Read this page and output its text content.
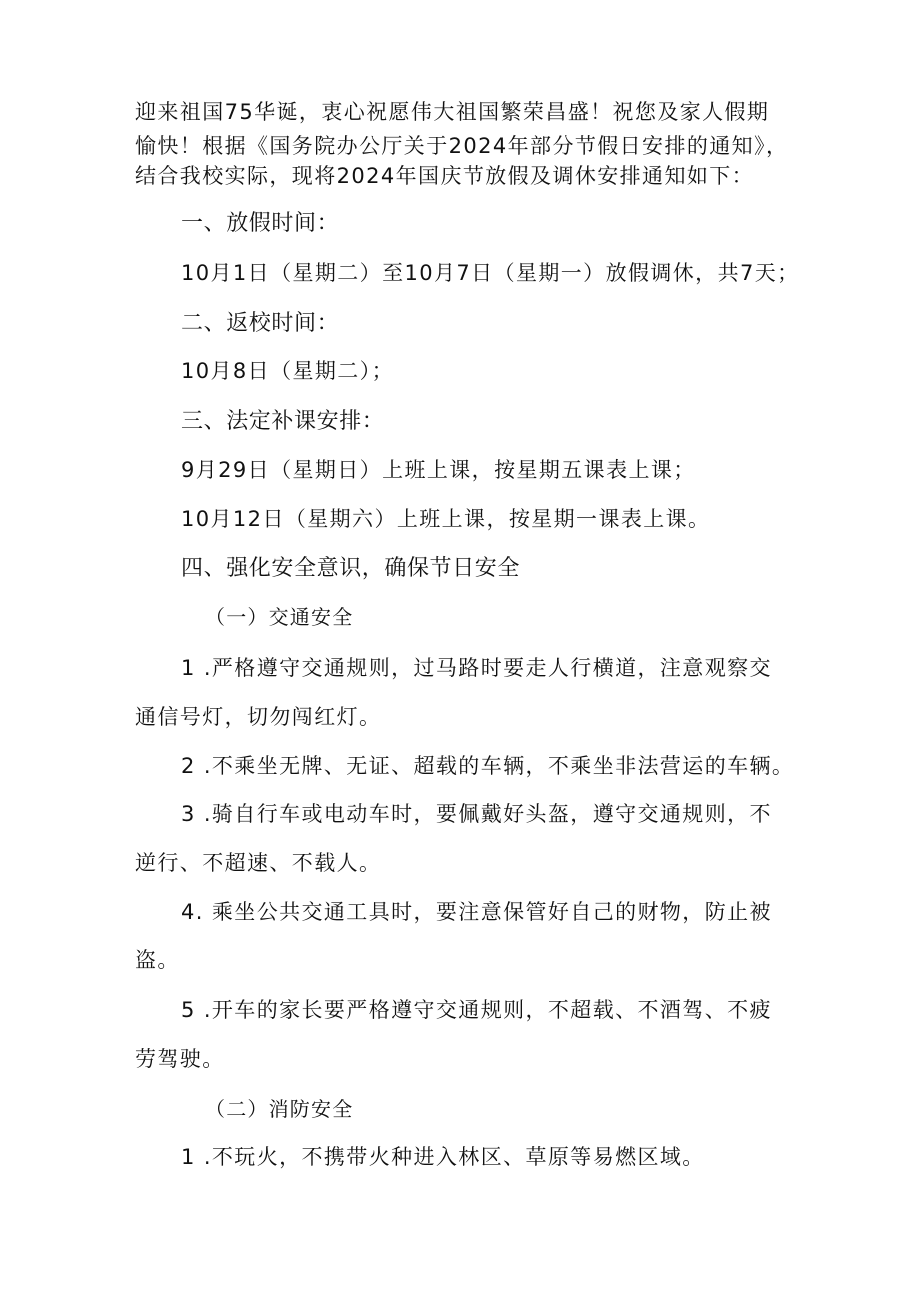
迎来祖国75华诞，衷心祝愿伟大祖国繁荣昌盛！祝您及家人假期
愉快！根据《国务院办公厅关于2024年部分节假日安排的通知》，
结合我校实际，现将2024年国庆节放假及调休安排通知如下：
一、放假时间：
10月1日（星期二）至10月7日（星期一）放假调休，共7天；
二、返校时间：
10月8日（星期二）；
三、法定补课安排：
9月29日（星期日）上班上课，按星期五课表上课；
10月12日（星期六）上班上课，按星期一课表上课。
四、强化安全意识，确保节日安全
（一）交通安全
1 .严格遵守交通规则，过马路时要走人行横道，注意观察交
通信号灯，切勿闯红灯。
2 .不乘坐无牌、无证、超载的车辆，不乘坐非法营运的车辆。
3 .骑自行车或电动车时，要佩戴好头盔，遵守交通规则，不
逆行、不超速、不载人。
4. 乘坐公共交通工具时，要注意保管好自己的财物，防止被
盗。
5 .开车的家长要严格遵守交通规则，不超载、不酒驾、不疲
劳驾驶。
（二）消防安全
1 .不玩火，不携带火种进入林区、草原等易燃区域。
